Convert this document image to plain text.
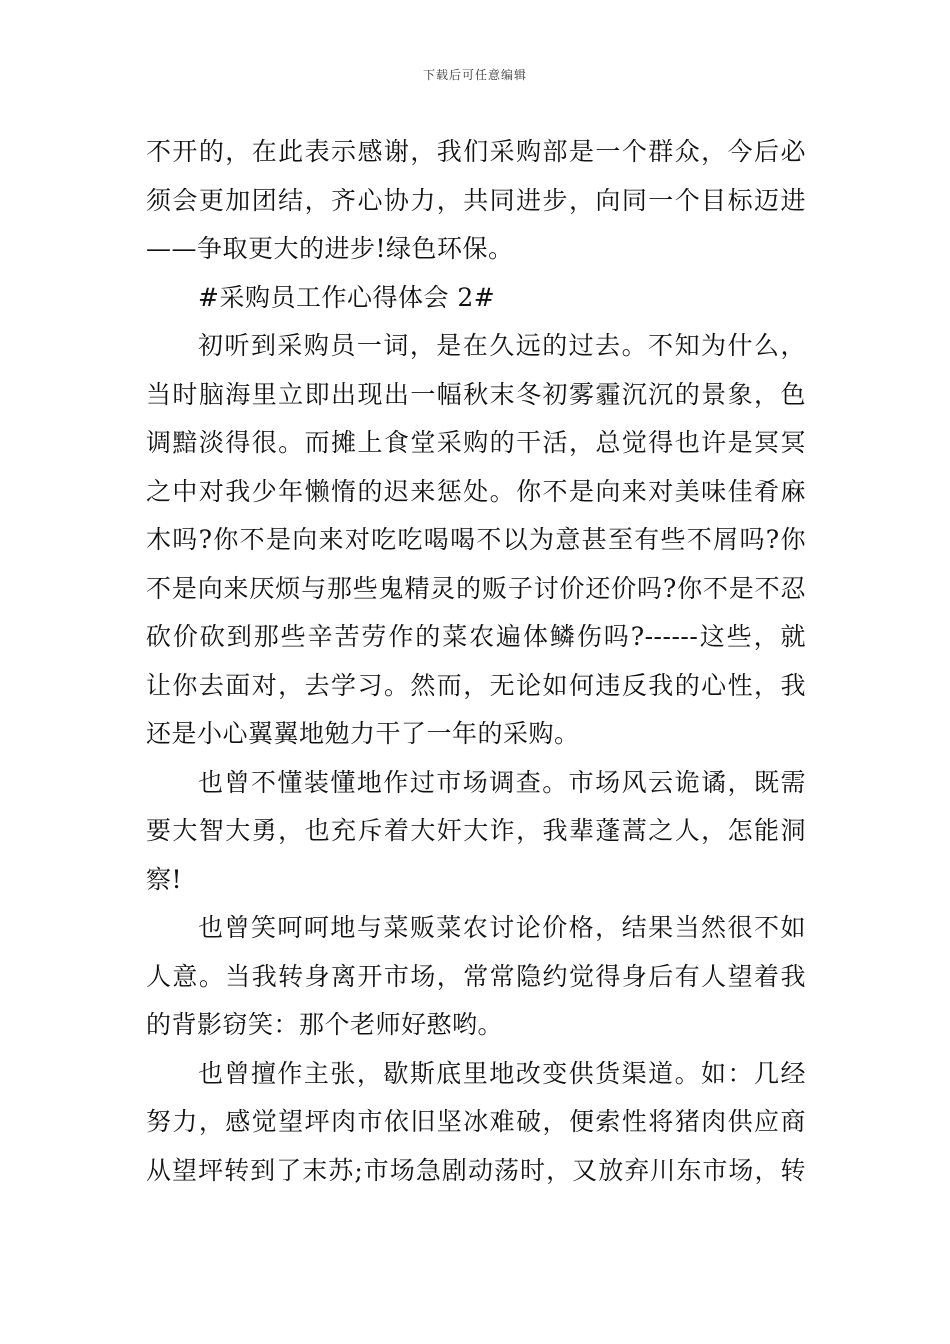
下载后可任意编辑
不开的，在此表示感谢，我们采购部是一个群众，今后必
须会更加团结，齐心协力，共同进步，向同一个目标迈进
——争取更大的进步!绿色环保。
#采购员工作心得体会 2#
初听到采购员一词，是在久远的过去。不知为什么，
当时脑海里立即出现出一幅秋末冬初雾霾沉沉的景象，色
调黯淡得很。而摊上食堂采购的干活，总觉得也许是冥冥
之中对我少年懒惰的迟来惩处。你不是向来对美味佳肴麻
木吗?你不是向来对吃吃喝喝不以为意甚至有些不屑吗?你
不是向来厌烦与那些鬼精灵的贩子讨价还价吗?你不是不忍
砍价砍到那些辛苦劳作的菜农遍体鳞伤吗?------这些，就
让你去面对，去学习。然而，无论如何违反我的心性，我
还是小心翼翼地勉力干了一年的采购。
也曾不懂装懂地作过市场调查。市场风云诡谲，既需
要大智大勇，也充斥着大奸大诈，我辈蓬蒿之人，怎能洞
察!
也曾笑呵呵地与菜贩菜农讨论价格，结果当然很不如
人意。当我转身离开市场，常常隐约觉得身后有人望着我
的背影窃笑：那个老师好憨哟。
也曾擅作主张，歇斯底里地改变供货渠道。如：几经
努力，感觉望坪肉市依旧坚冰难破，便索性将猪肉供应商
从望坪转到了末苏;市场急剧动荡时，又放弃川东市场，转
